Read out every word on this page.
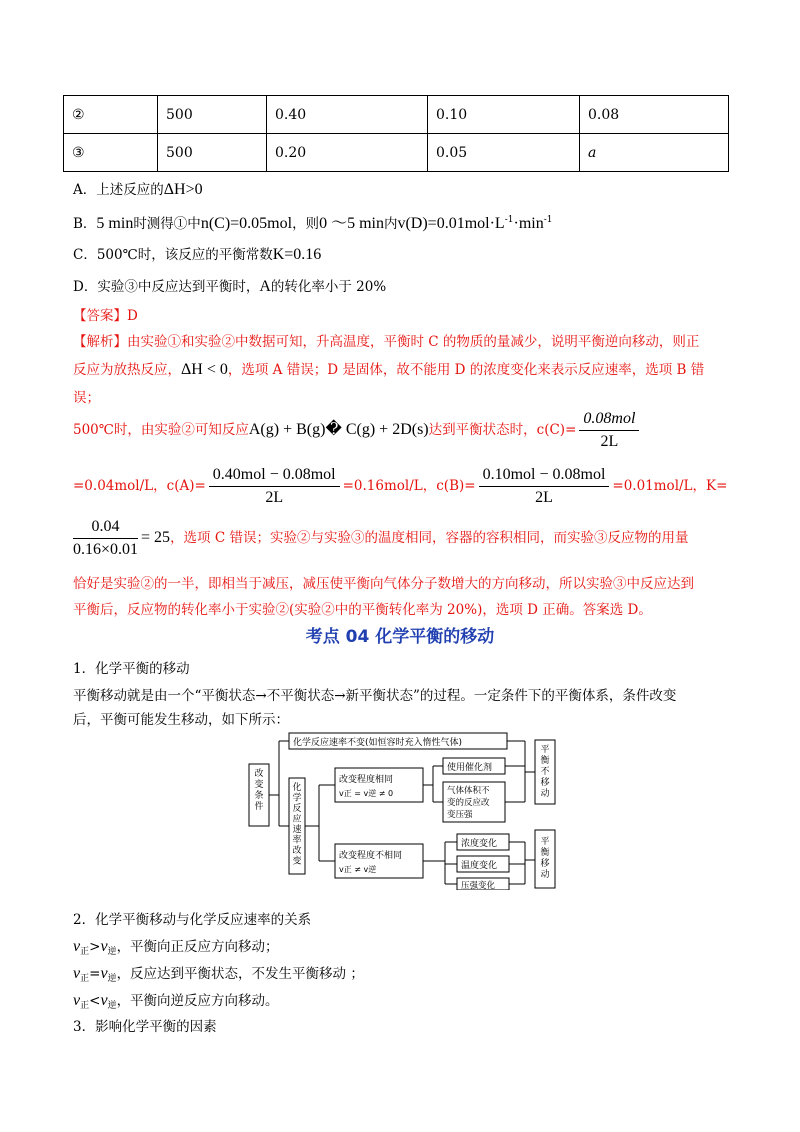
②	500	0.40	0.10	0.08
③	500	0.20	0.05	a
A．上述反应的ΔH>0
B．5 min时测得①中n(C)=0.05mol，则0 ～5 min内$v(D)=0.01mol\cdot L^{-1}\cdot\min^{-1}$
C．500℃时，该反应的平衡常数K=0.16
D．实验③中反应达到平衡时，A的转化率小于 20%
【答案】D
【解析】由实验①和实验②中数据可知，升高温度，平衡时 C 的物质的量减少，说明平衡逆向移动，则正
反应为放热反应，ΔH < 0，选项 A 错误；D 是固体，故不能用 D 的浓度变化来表示反应速率，选项 B 错
误；
500℃时，由实验②可知反应A(g) + B(g)� C(g) + 2D(s)达到平衡状态时，$c(C)= \frac{\text{0.08mol}}{2L}$
=0.04mol/L，$c(A)= \frac{\text{0.40mol − 0.08mol}}{2L} =0.16mol/L$，$c(B)= \frac{\text{0.10mol − 0.08mol}}{2L} =0.01mol/L$，K=
$\frac{0.04}{0.16\times 0.01} = 25$，选项 C 错误；实验②与实验③的温度相同，容器的容积相同，而实验③反应物的用量
恰好是实验②的一半，即相当于减压，减压使平衡向气体分子数增大的方向移动，所以实验③中反应达到
平衡后，反应物的转化率小于实验②(实验②中的平衡转化率为 20%)，选项 D 正确。答案选 D。
考点 04 化学平衡的移动
1．化学平衡的移动
平衡移动就是由一个“平衡状态→不平衡状态→新平衡状态”的过程。一定条件下的平衡体系，条件改变
后，平衡可能发生移动，如下所示：
化学反应速率不变(如恒容时充入惰性气体)
改变程度相同
v正 = v逆 ≠ 0
改变程度不相同
v正 ≠ v逆
使用催化剂
气体体积不
变的反应改
变压强
浓度变化
温度变化
压强变化
改变条件
化学反应速率改变
平衡不移动
平衡移动
2．化学平衡移动与化学反应速率的关系
$v_正>v_逆$，平衡向正反应方向移动；
$v_正=v_逆$，反应达到平衡状态，不发生平衡移动 ；
$v_正<v_逆$，平衡向逆反应方向移动。
3．影响化学平衡的因素
